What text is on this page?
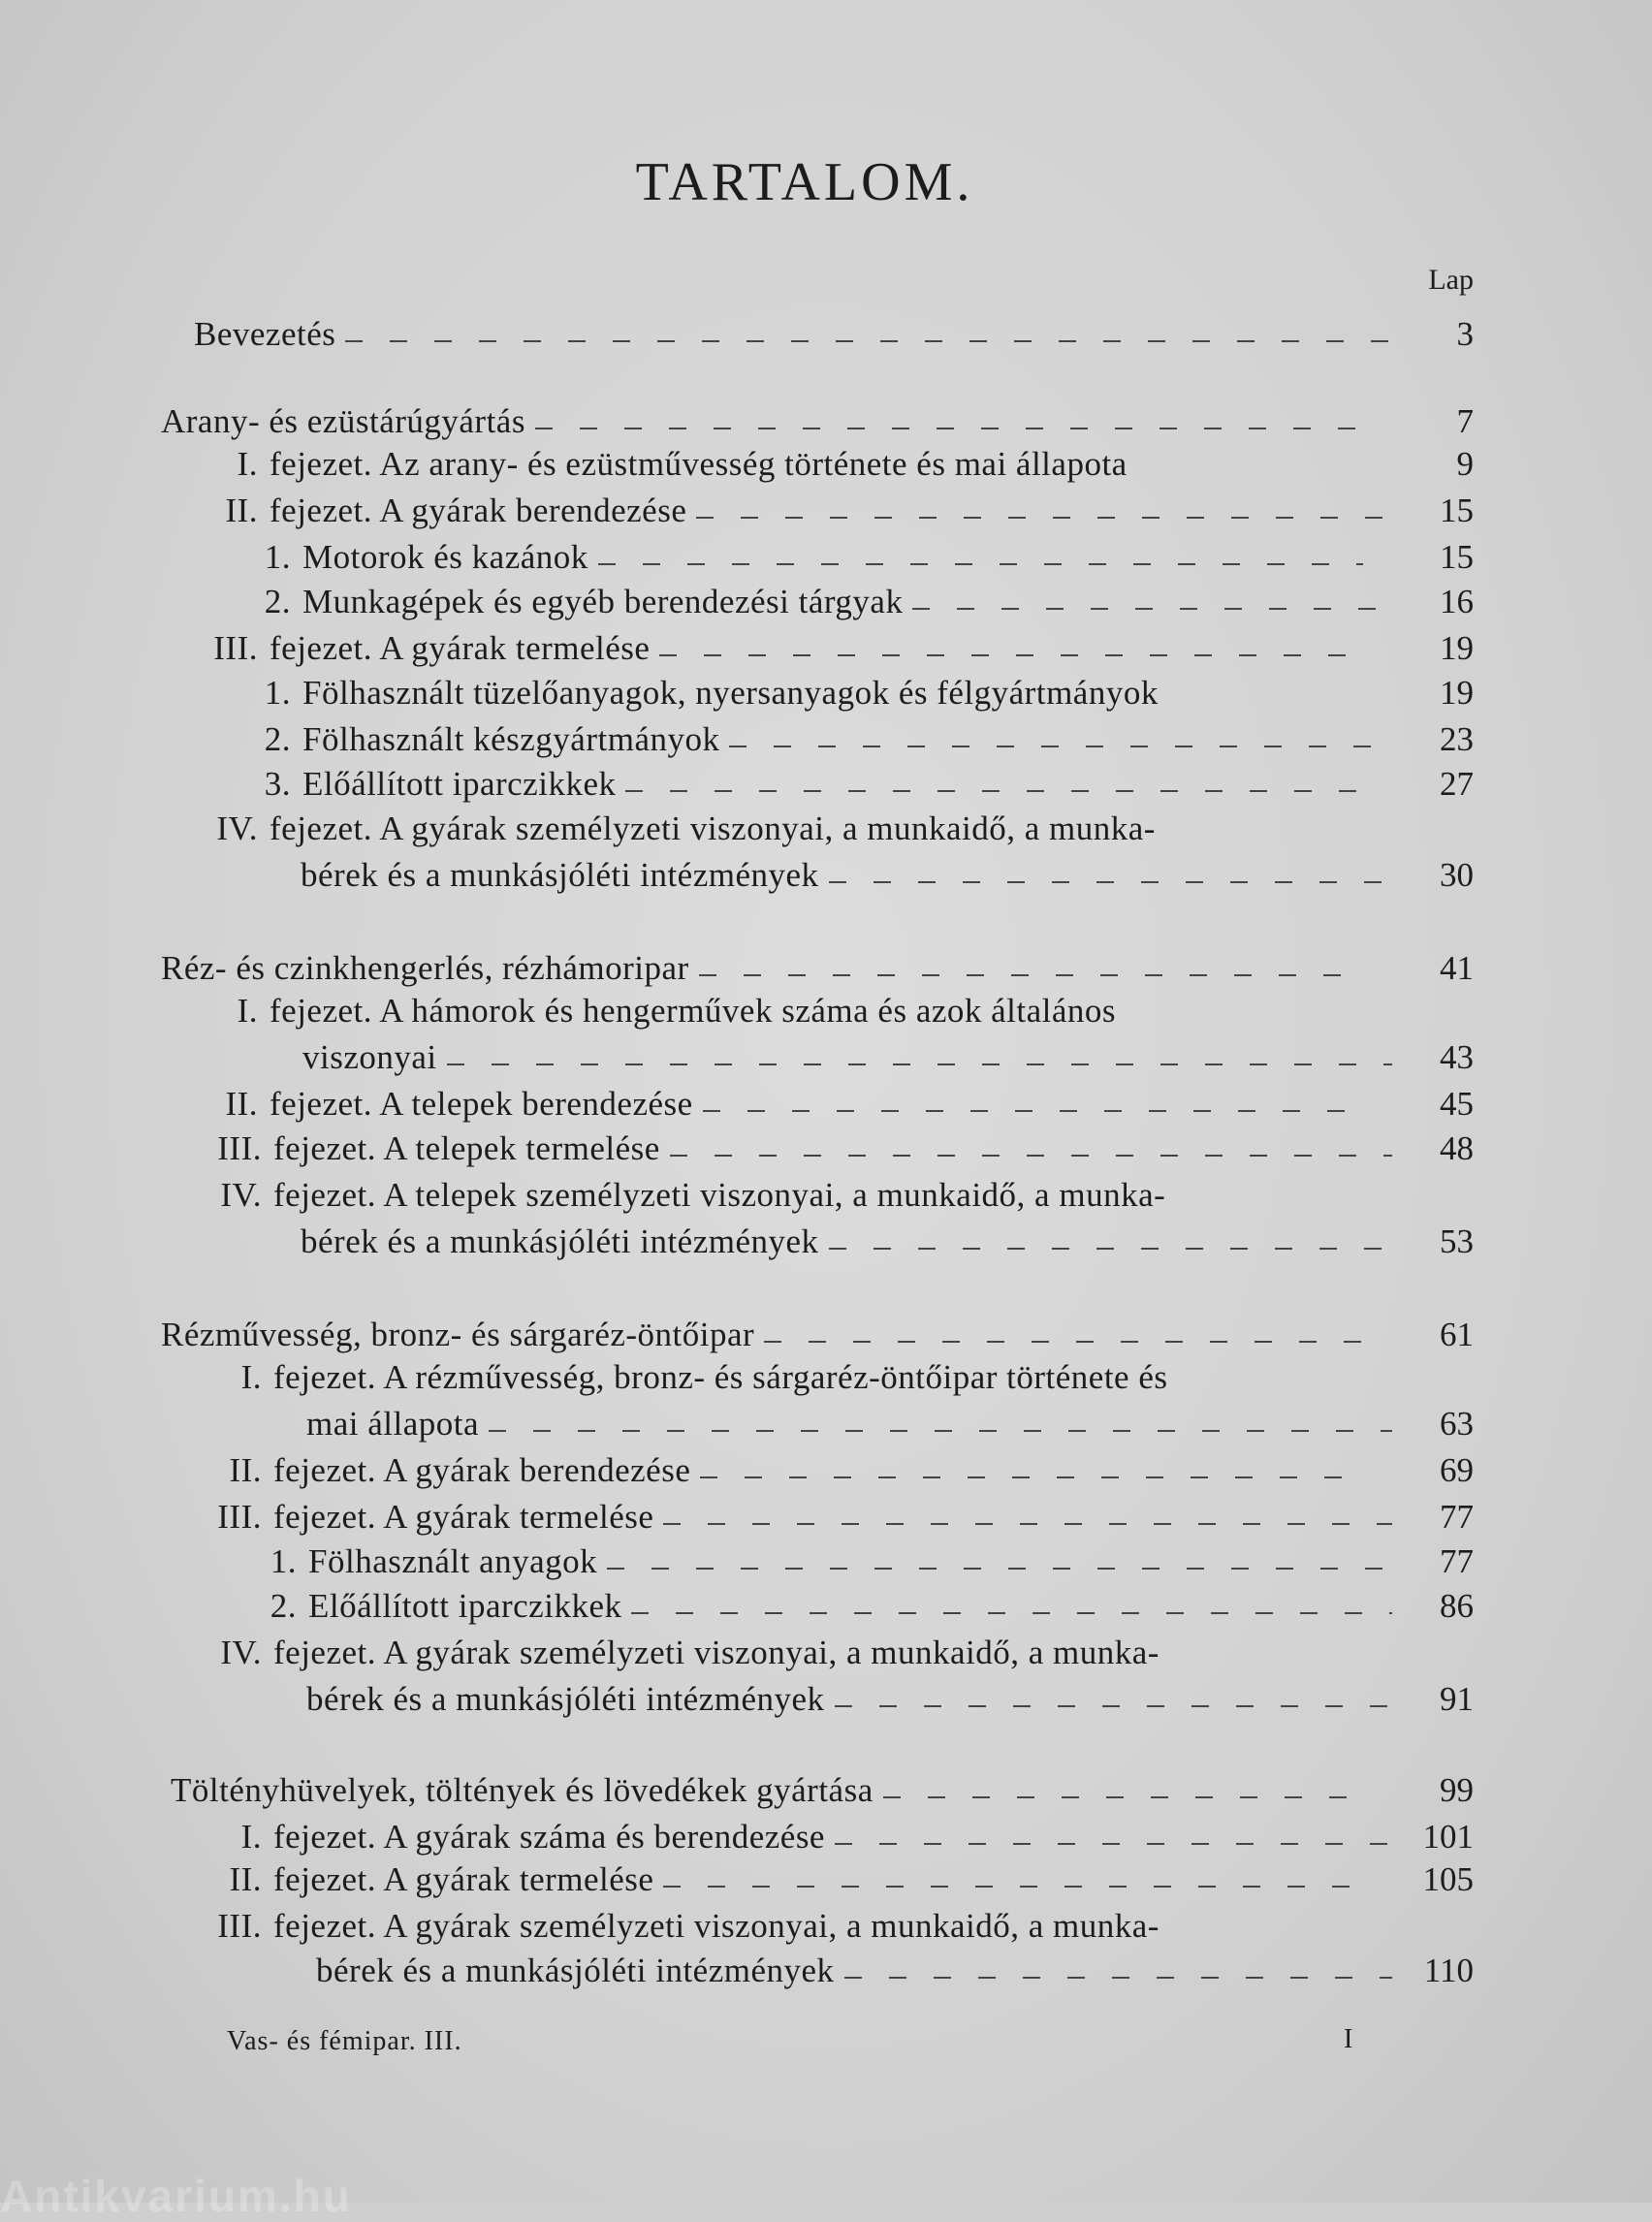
TARTALOM.
Lap
Bevezetés	3
Arany- és ezüstárúgyártás	7
I. fejezet. Az arany- és ezüstművesség története és mai állapota	9
II. fejezet. A gyárak berendezése	15
1. Motorok és kazánok	15
2. Munkagépek és egyéb berendezési tárgyak	16
III. fejezet. A gyárak termelése	19
1. Fölhasznált tüzelőanyagok, nyersanyagok és félgyártmányok	19
2. Fölhasznált készgyártmányok	23
3. Előállított iparczikkek	27
IV. fejezet. A gyárak személyzeti viszonyai, a munkaidő, a munka-
bérek és a munkásjóléti intézmények	30
Réz- és czinkhengerlés, rézhámoripar	41
I. fejezet. A hámorok és hengerművek száma és azok általános
viszonyai	43
II. fejezet. A telepek berendezése	45
III. fejezet. A telepek termelése	48
IV. fejezet. A telepek személyzeti viszonyai, a munkaidő, a munka-
bérek és a munkásjóléti intézmények	53
Rézművesség, bronz- és sárgaréz-öntőipar	61
I. fejezet. A rézművesség, bronz- és sárgaréz-öntőipar története és
mai állapota	63
II. fejezet. A gyárak berendezése	69
III. fejezet. A gyárak termelése	77
1. Fölhasznált anyagok	77
2. Előállított iparczikkek	86
IV. fejezet. A gyárak személyzeti viszonyai, a munkaidő, a munka-
bérek és a munkásjóléti intézmények	91
Töltényhüvelyek, töltények és lövedékek gyártása	99
I. fejezet. A gyárak száma és berendezése	101
II. fejezet. A gyárak termelése	105
III. fejezet. A gyárak személyzeti viszonyai, a munkaidő, a munka-
bérek és a munkásjóléti intézmények	110
Vas- és fémipar. III.	I
Antikvarium.hu
